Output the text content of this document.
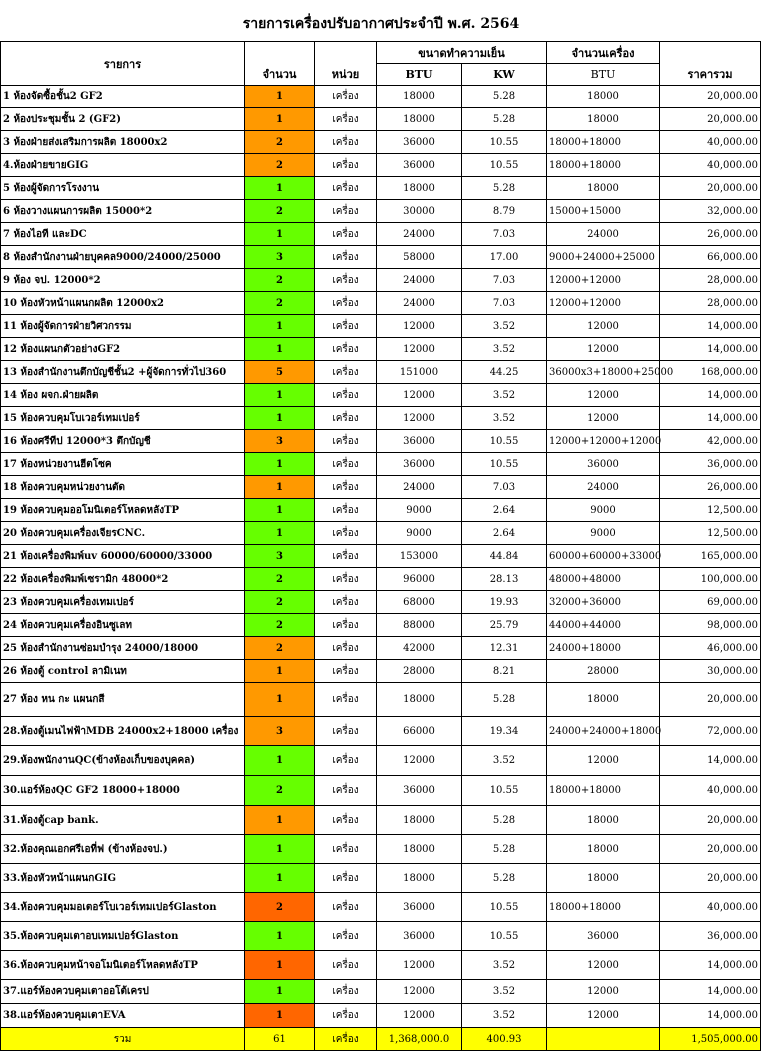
รายการเครื่องปรับอากาศประจำปี พ.ศ. 2564
รายการ	จำนวน	หน่วย	ขนาดทำความเย็น		จำนวนเครื่อง	ราคารวม
			BTU	KW	BTU	
1 ห้องจัดซื้อชั้น2 GF2	1	เครื่อง	18000	5.28	18000	20,000.00
2 ห้องประชุมชั้น 2 (GF2)	1	เครื่อง	18000	5.28	18000	20,000.00
3 ห้องฝ่ายส่งเสริมการผลิต 18000x2	2	เครื่อง	36000	10.55	18000+18000	40,000.00
4.ห้องฝ่ายขายGIG	2	เครื่อง	36000	10.55	18000+18000	40,000.00
5 ห้องผู้จัดการโรงงาน	1	เครื่อง	18000	5.28	18000	20,000.00
6 ห้องวางแผนการผลิต 15000*2	2	เครื่อง	30000	8.79	15000+15000	32,000.00
7 ห้องไอที และDC	1	เครื่อง	24000	7.03	24000	26,000.00
8 ห้องสำนักงานฝ่ายบุคคล9000/24000/25000	3	เครื่อง	58000	17.00	9000+24000+25000	66,000.00
9 ห้อง จป. 12000*2	2	เครื่อง	24000	7.03	12000+12000	28,000.00
10 ห้องหัวหน้าแผนกผลิต 12000x2	2	เครื่อง	24000	7.03	12000+12000	28,000.00
11 ห้องผู้จัดการฝ่ายวิศวกรรม	1	เครื่อง	12000	3.52	12000	14,000.00
12 ห้องแผนกตัวอย่างGF2	1	เครื่อง	12000	3.52	12000	14,000.00
13 ห้องสำนักงานตึกบัญชีชั้น2 +ผู้จัดการทั่วไป360	5	เครื่อง	151000	44.25	36000x3+18000+25000	168,000.00
14 ห้อง ผจก.ฝ่ายผลิต	1	เครื่อง	12000	3.52	12000	14,000.00
15 ห้องควบคุมโบเวอร์เทมเปอร์	1	เครื่อง	12000	3.52	12000	14,000.00
16 ห้องศรีทีป 12000*3 ตึกบัญชี	3	เครื่อง	36000	10.55	12000+12000+12000	42,000.00
17 ห้องหน่วยงานฮีตโซค	1	เครื่อง	36000	10.55	36000	36,000.00
18 ห้องควบคุมหน่วยงานตัด	1	เครื่อง	24000	7.03	24000	26,000.00
19 ห้องควบคุมออโมนิเตอร์โหลดหลังTP	1	เครื่อง	9000	2.64	9000	12,500.00
20 ห้องควบคุมเครื่องเจียรCNC.	1	เครื่อง	9000	2.64	9000	12,500.00
21 ห้องเครื่องพิมพ์uv 60000/60000/33000	3	เครื่อง	153000	44.84	60000+60000+33000	165,000.00
22 ห้องเครื่องพิมพ์เซรามิก 48000*2	2	เครื่อง	96000	28.13	48000+48000	100,000.00
23 ห้องควบคุมเครื่องเทมเปอร์	2	เครื่อง	68000	19.93	32000+36000	69,000.00
24 ห้องควบคุมเครื่องอินซูเลท	2	เครื่อง	88000	25.79	44000+44000	98,000.00
25 ห้องสำนักงานซ่อมบำรุง 24000/18000	2	เครื่อง	42000	12.31	24000+18000	46,000.00
26 ห้องตู้ control ลามิเนท	1	เครื่อง	28000	8.21	28000	30,000.00
27 ห้อง หน กะ แผนกสี	1	เครื่อง	18000	5.28	18000	20,000.00
28.ห้องตู้เมนไฟฟ้าMDB 24000x2+18000 เครื่อง	3	เครื่อง	66000	19.34	24000+24000+18000	72,000.00
29.ห้องพนักงานQC(ข้างห้องเก็บของบุคคล)	1	เครื่อง	12000	3.52	12000	14,000.00
30.แอร์ห้องQC GF2 18000+18000	2	เครื่อง	36000	10.55	18000+18000	40,000.00
31.ห้องตู้cap bank.	1	เครื่อง	18000	5.28	18000	20,000.00
32.ห้องคุณเอกศรีเอที่ฟ (ข้างห้องจป.)	1	เครื่อง	18000	5.28	18000	20,000.00
33.ห้องหัวหน้าแผนกGIG	1	เครื่อง	18000	5.28	18000	20,000.00
34.ห้องควบคุมมอเตอร์โบเวอร์เทมเปอร์Glaston	2	เครื่อง	36000	10.55	18000+18000	40,000.00
35.ห้องควบคุมเตาอบเทมเปอร์Glaston	1	เครื่อง	36000	10.55	36000	36,000.00
36.ห้องควบคุมหน้าจอโมนิเตอร์โหลดหลังTP	1	เครื่อง	12000	3.52	12000	14,000.00
37.แอร์ห้องควบคุมเตาออโต้เครป	1	เครื่อง	12000	3.52	12000	14,000.00
38.แอร์ห้องควบคุมเตาEVA	1	เครื่อง	12000	3.52	12000	14,000.00
รวม	61	เครื่อง	1,368,000.0	400.93		1,505,000.00
